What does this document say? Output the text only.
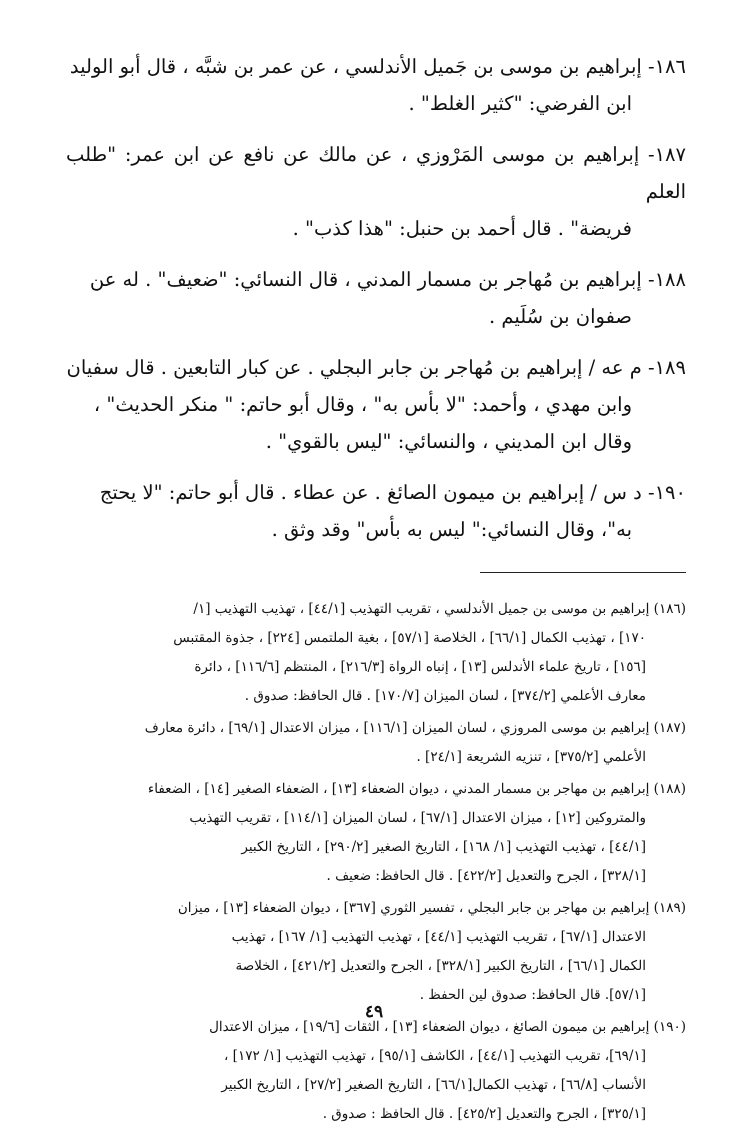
١٨٦- إبراهيم بن موسى بن جَميل الأندلسي ، عن عمر بن شبَّه ، قال أبو الوليد
ابن الفرضي: "كثير الغلط" .
١٨٧- إبراهيم بن موسى المَرْوزي ، عن مالك عن نافع عن ابن عمر: "طلب العلم
فريضة" . قال أحمد بن حنبل: "هذا كذب" .
١٨٨- إبراهيم بن مُهاجر بن مسمار المدني ، قال النسائي: "ضعيف" . له عن
صفوان بن سُلَيم .
١٨٩- م عه / إبراهيم بن مُهاجر بن جابر البجلي . عن كبار التابعين . قال سفيان
وابن مهدي ، وأحمد: "لا بأس به" ، وقال أبو حاتم: " منكر الحديث" ،
وقال ابن المديني ، والنسائي: "ليس بالقوي" .
١٩٠- د س / إبراهيم بن ميمون الصائغ . عن عطاء . قال أبو حاتم: "لا يحتج
به"، وقال النسائي:" ليس به بأس" وقد وثق .
(١٨٦) إبراهيم بن موسى بن جميل الأندلسي ، تقريب التهذيب [٤٤/١] ، تهذيب التهذيب [١/
١٧٠] ، تهذيب الكمال [٦٦/١] ، الخلاصة [٥٧/١] ، بغية الملتمس [٢٢٤] ، جذوة المقتبس
[١٥٦] ، تاريخ علماء الأندلس [١٣] ، إنباه الرواة [٢١٦/٣] ، المنتظم [١١٦/٦] ، دائرة
معارف الأعلمي [٣٧٤/٢] ، لسان الميزان [١٧٠/٧] . قال الحافظ: صدوق .
(١٨٧) إبراهيم بن موسى المروزي ، لسان الميزان [١١٦/١] ، ميزان الاعتدال [٦٩/١] ، دائرة معارف
الأعلمي [٣٧٥/٢] ، تنزيه الشريعة [٢٤/١] .
(١٨٨) إبراهيم بن مهاجر بن مسمار المدني ، ديوان الضعفاء [١٣] ، الضعفاء الصغير [١٤] ، الضعفاء
والمتروكين [١٢] ، ميزان الاعتدال [٦٧/١] ، لسان الميزان [١١٤/١] ، تقريب التهذيب
[٤٤/١] ، تهذيب التهذيب [١/ ١٦٨] ، التاريخ الصغير [٢٩٠/٢] ، التاريخ الكبير
[٣٢٨/١] ، الجرح والتعديل [٤٢٢/٢] . قال الحافظ: ضعيف .
(١٨٩) إبراهيم بن مهاجر بن جابر البجلي ، تفسير الثوري [٣٦٧] ، ديوان الضعفاء [١٣] ، ميزان
الاعتدال [٦٧/١] ، تقريب التهذيب [٤٤/١] ، تهذيب التهذيب [١/ ١٦٧] ، تهذيب
الكمال [٦٦/١] ، التاريخ الكبير [٣٢٨/١] ، الجرح والتعديل [٤٢١/٢] ، الخلاصة
[٥٧/١]. قال الحافظ: صدوق لين الحفظ .
(١٩٠) إبراهيم بن ميمون الصائغ ، ديوان الضعفاء [١٣] ، الثقات [١٩/٦] ، ميزان الاعتدال
[٦٩/١]، تقريب التهذيب [٤٤/١] ، الكاشف [٩٥/١] ، تهذيب التهذيب [١/ ١٧٢] ،
الأنساب [٦٦/٨] ، تهذيب الكمال[٦٦/١] ، التاريخ الصغير [٢٧/٢] ، التاريخ الكبير
[٣٢٥/١] ، الجرح والتعديل [٤٢٥/٢] . قال الحافظ : صدوق .
٤٩
